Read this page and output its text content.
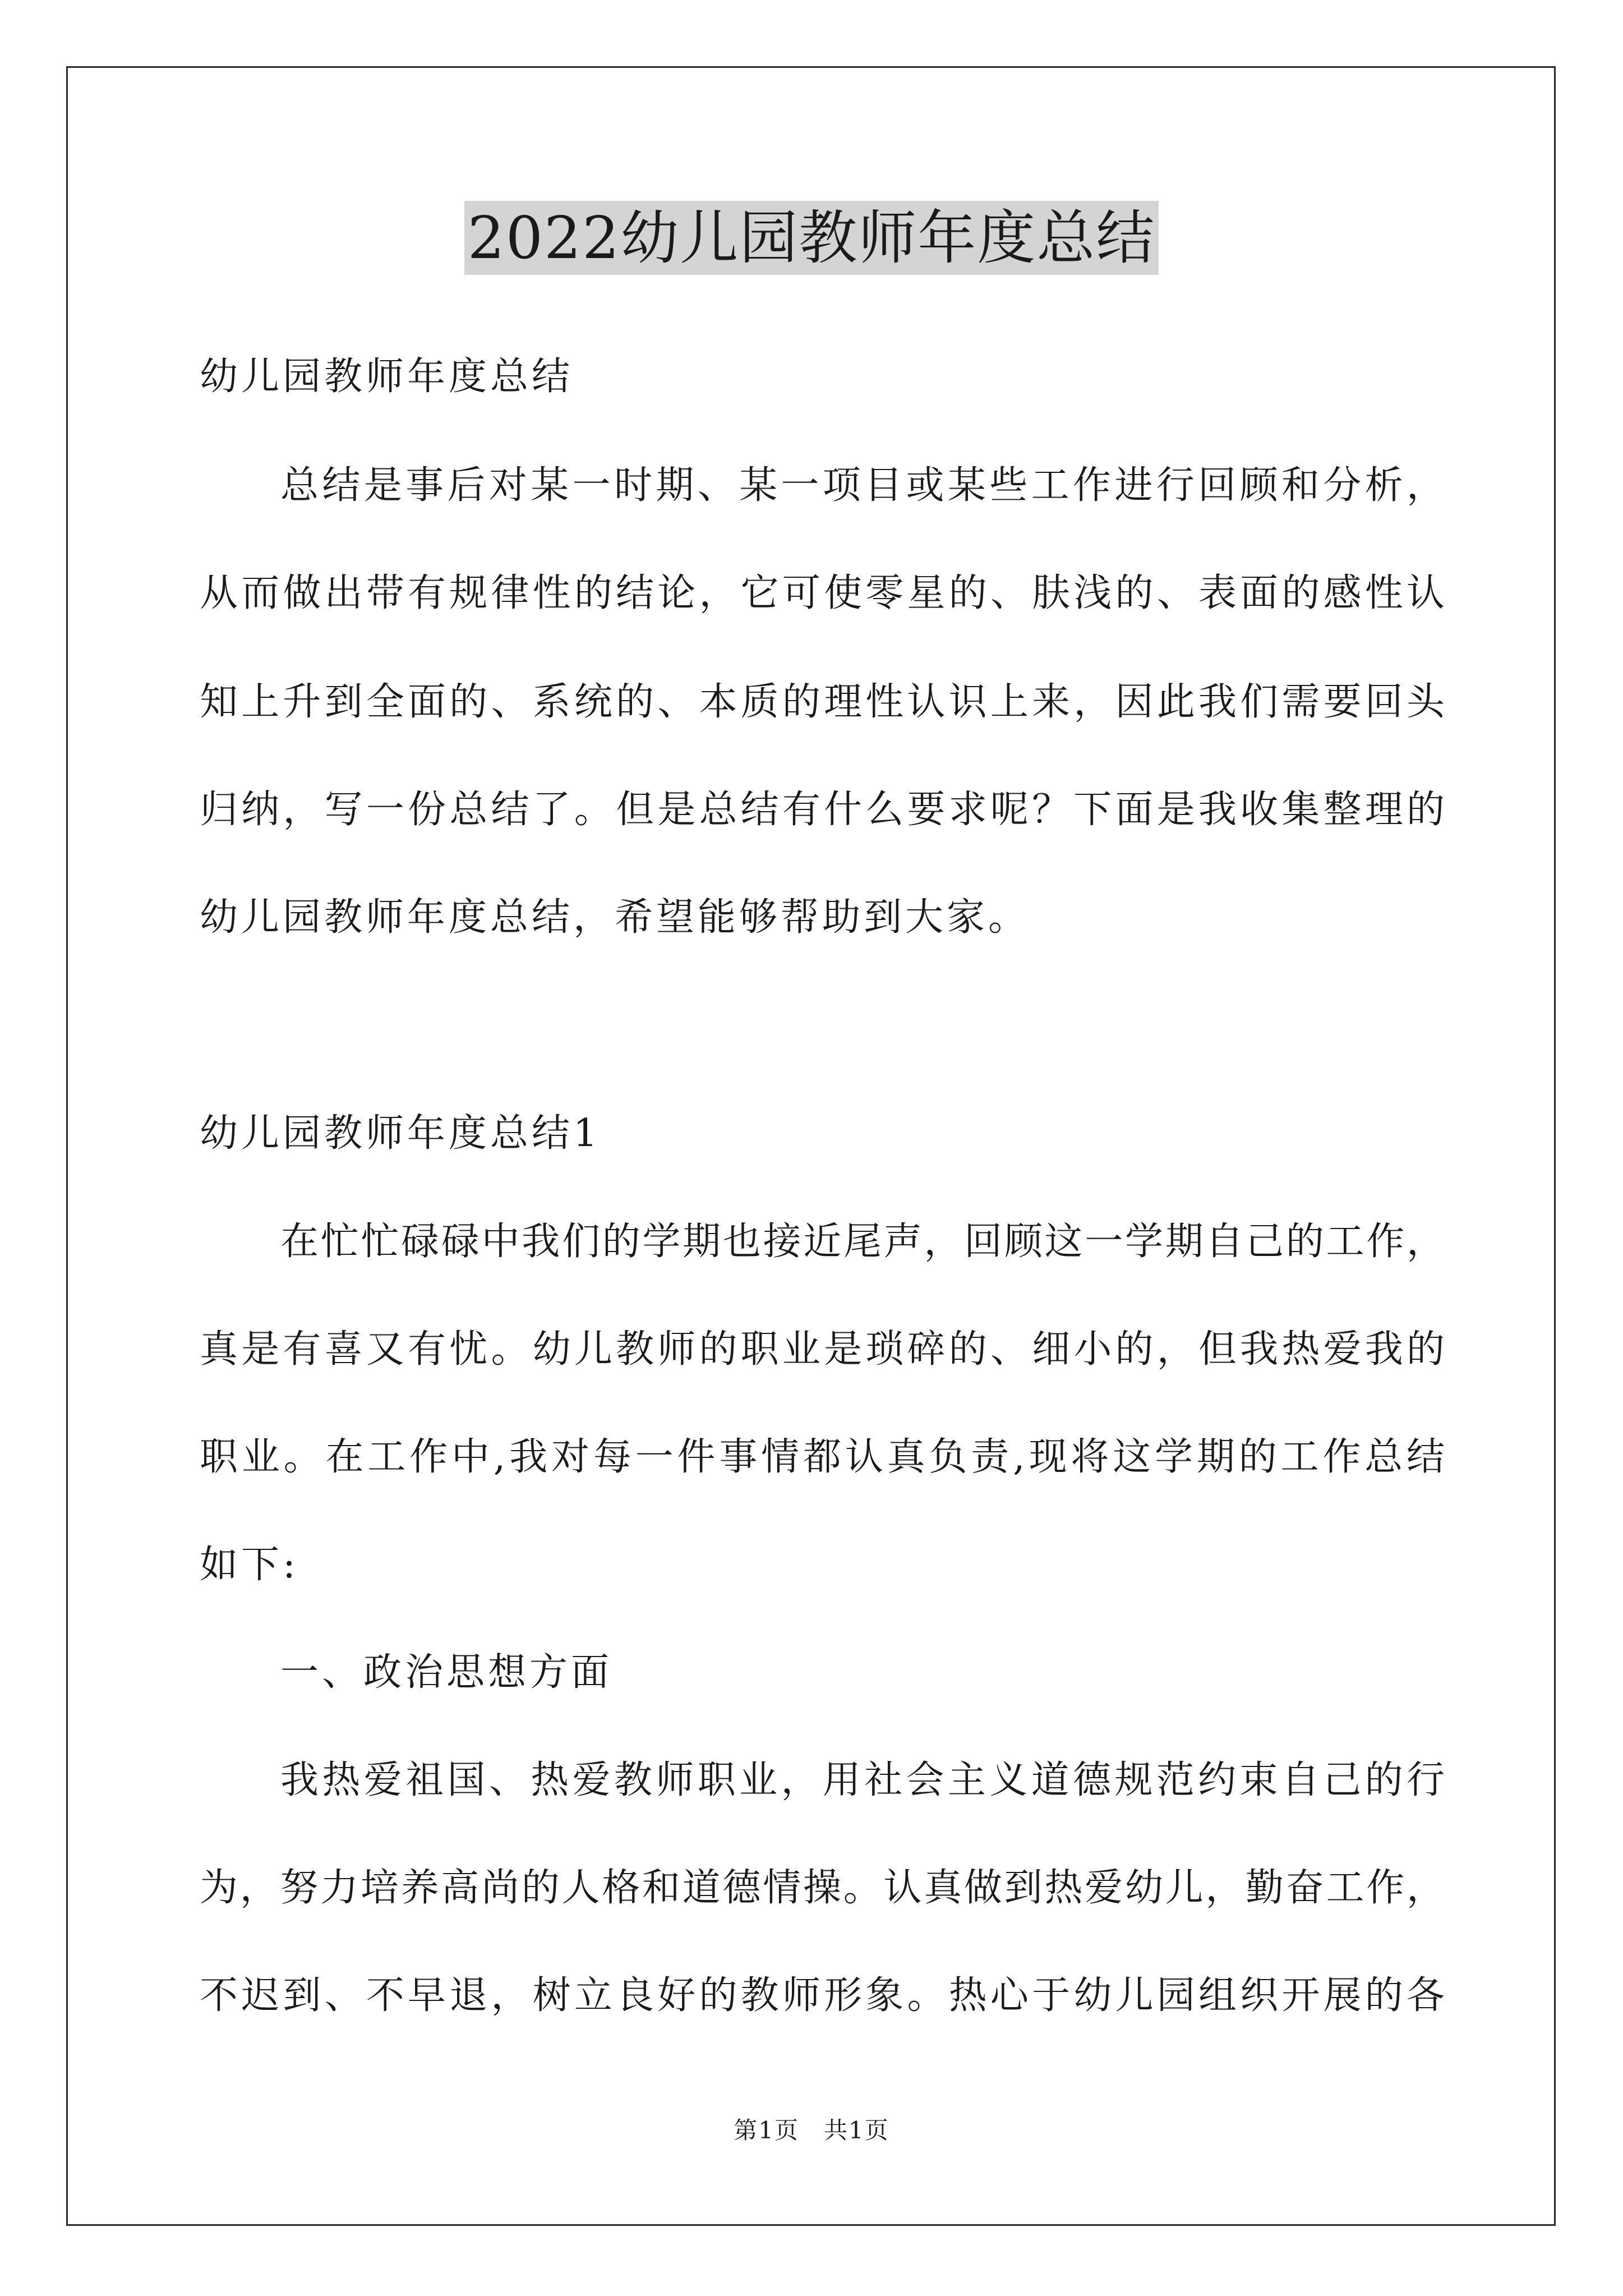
2022幼儿园教师年度总结
幼儿园教师年度总结
总结是事后对某一时期、某一项目或某些工作进行回顾和分析，
从而做出带有规律性的结论，它可使零星的、肤浅的、表面的感性认
知上升到全面的、系统的、本质的理性认识上来，因此我们需要回头
归纳，写一份总结了。但是总结有什么要求呢？下面是我收集整理的
幼儿园教师年度总结，希望能够帮助到大家。
幼儿园教师年度总结1
在忙忙碌碌中我们的学期也接近尾声，回顾这一学期自己的工作，
真是有喜又有忧。幼儿教师的职业是琐碎的、细小的，但我热爱我的
职业。在工作中,我对每一件事情都认真负责,现将这学期的工作总结
如下:
一、政治思想方面
我热爱祖国、热爱教师职业，用社会主义道德规范约束自己的行
为，努力培养高尚的人格和道德情操。认真做到热爱幼儿，勤奋工作，
不迟到、不早退，树立良好的教师形象。热心于幼儿园组织开展的各
第1页　共1页
